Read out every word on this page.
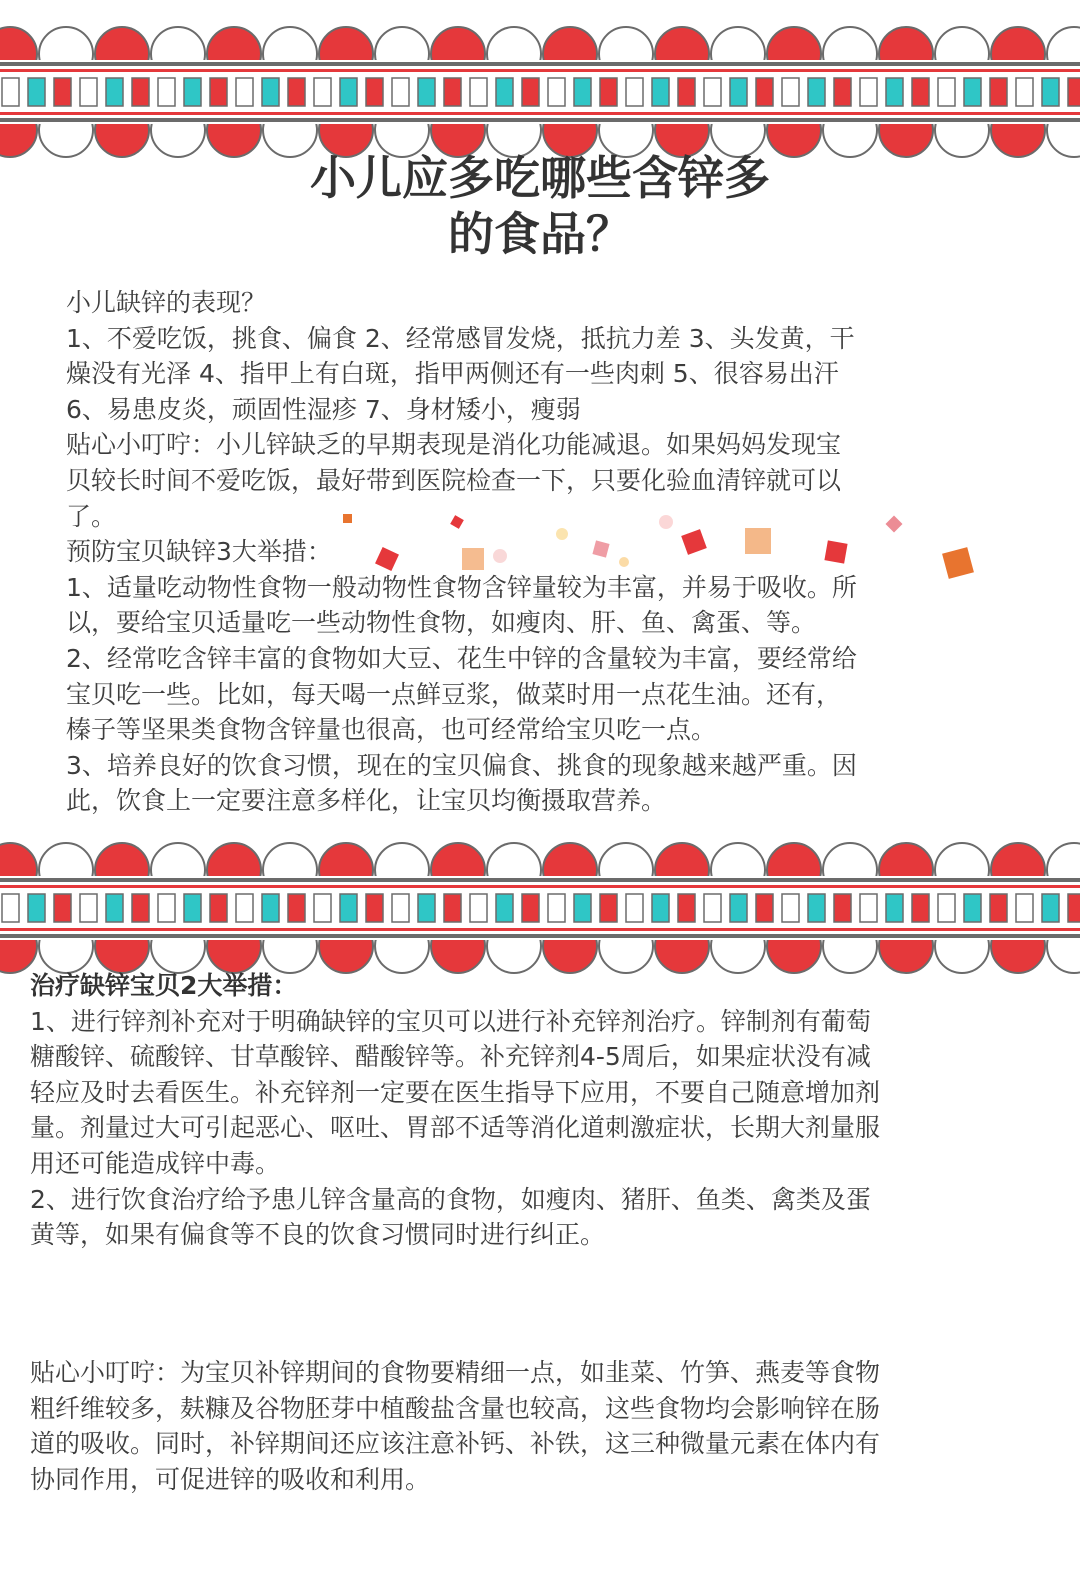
小儿应多吃哪些含锌多
的食品？

小儿缺锌的表现？

1、不爱吃饭，挑食、偏食 2、经常感冒发烧，抵抗力差 3、头发黄，干

燥没有光泽 4、指甲上有白斑，指甲两侧还有一些肉刺 5、很容易出汗

6、易患皮炎，顽固性湿疹 7、身材矮小，瘦弱

贴心小叮咛：小儿锌缺乏的早期表现是消化功能减退。如果妈妈发现宝

贝较长时间不爱吃饭，最好带到医院检查一下，只要化验血清锌就可以

了。

预防宝贝缺锌3大举措：

1、适量吃动物性食物一般动物性食物含锌量较为丰富，并易于吸收。所

以，要给宝贝适量吃一些动物性食物，如瘦肉、肝、鱼、禽蛋、等。

2、经常吃含锌丰富的食物如大豆、花生中锌的含量较为丰富，要经常给

宝贝吃一些。比如，每天喝一点鲜豆浆，做菜时用一点花生油。还有，

榛子等坚果类食物含锌量也很高，也可经常给宝贝吃一点。

3、培养良好的饮食习惯，现在的宝贝偏食、挑食的现象越来越严重。因

此，饮食上一定要注意多样化，让宝贝均衡摄取营养。

治疗缺锌宝贝2大举措：

1、进行锌剂补充对于明确缺锌的宝贝可以进行补充锌剂治疗。锌制剂有葡萄

糖酸锌、硫酸锌、甘草酸锌、醋酸锌等。补充锌剂4-5周后，如果症状没有减

轻应及时去看医生。补充锌剂一定要在医生指导下应用，不要自己随意增加剂

量。剂量过大可引起恶心、呕吐、胃部不适等消化道刺激症状，长期大剂量服

用还可能造成锌中毒。

2、进行饮食治疗给予患儿锌含量高的食物，如瘦肉、猪肝、鱼类、禽类及蛋

黄等，如果有偏食等不良的饮食习惯同时进行纠正。

贴心小叮咛：为宝贝补锌期间的食物要精细一点，如韭菜、竹笋、燕麦等食物

粗纤维较多，麸糠及谷物胚芽中植酸盐含量也较高，这些食物均会影响锌在肠

道的吸收。同时，补锌期间还应该注意补钙、补铁，这三种微量元素在体内有

协同作用，可促进锌的吸收和利用。
